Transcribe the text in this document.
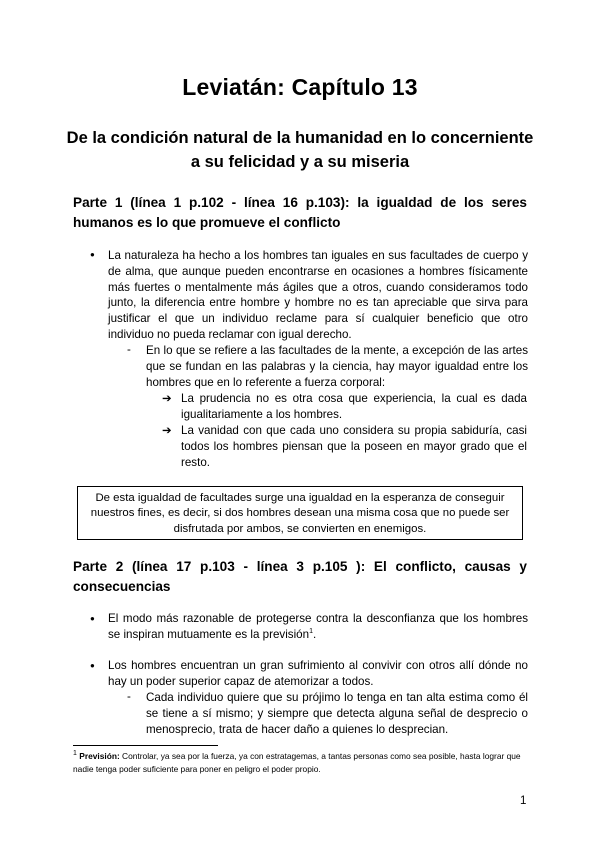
Leviatán: Capítulo 13
De la condición natural de la humanidad en lo concerniente a su felicidad y a su miseria
Parte 1 (línea 1 p.102 - línea 16 p.103): la igualdad de los seres humanos es lo que promueve el conflicto
● La naturaleza ha hecho a los hombres tan iguales en sus facultades de cuerpo y de alma, que aunque pueden encontrarse en ocasiones a hombres físicamente más fuertes o mentalmente más ágiles que a otros, cuando consideramos todo junto, la diferencia entre hombre y hombre no es tan apreciable que sirva para justificar el que un individuo reclame para sí cualquier beneficio que otro individuo no pueda reclamar con igual derecho.
- En lo que se refiere a las facultades de la mente, a excepción de las artes que se fundan en las palabras y la ciencia, hay mayor igualdad entre los hombres que en lo referente a fuerza corporal:
➔ La prudencia no es otra cosa que experiencia, la cual es dada igualitariamente a los hombres.
➔ La vanidad con que cada uno considera su propia sabiduría, casi todos los hombres piensan que la poseen en mayor grado que el resto.
De esta igualdad de facultades surge una igualdad en la esperanza de conseguir nuestros fines, es decir, si dos hombres desean una misma cosa que no puede ser disfrutada por ambos, se convierten en enemigos.
Parte 2 (línea 17 p.103 - línea 3 p.105 ): El conflicto, causas y consecuencias
● El modo más razonable de protegerse contra la desconfianza que los hombres se inspiran mutuamente es la previsión$^1$.
● Los hombres encuentran un gran sufrimiento al convivir con otros allí dónde no hay un poder superior capaz de atemorizar a todos.
- Cada individuo quiere que su prójimo lo tenga en tan alta estima como él se tiene a sí mismo; y siempre que detecta alguna señal de desprecio o menosprecio, trata de hacer daño a quienes lo desprecian.
$^1$ Previsión: Controlar, ya sea por la fuerza, ya con estratagemas, a tantas personas como sea posible, hasta lograr que nadie tenga poder suficiente para poner en peligro el poder propio.
1
